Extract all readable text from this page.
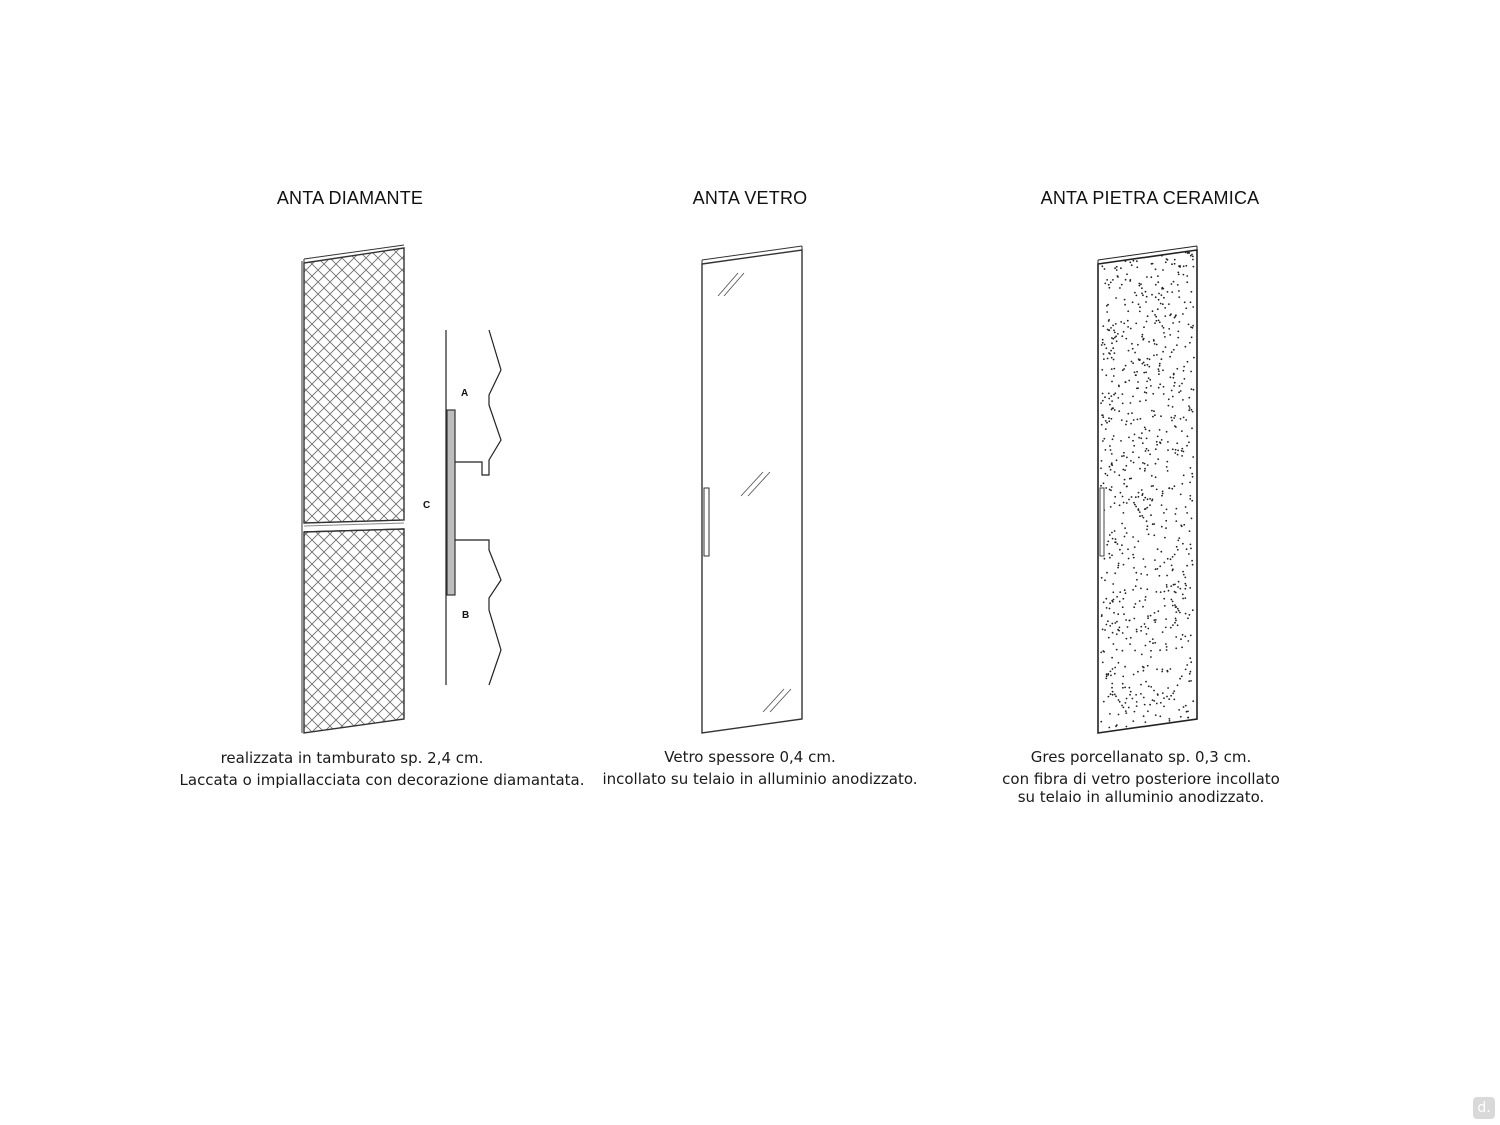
A
B
C
ANTA DIAMANTE	ANTA VETRO	ANTA PIETRA CERAMICA
realizzata in tamburato sp. 2,4 cm.
Laccata o impiallacciata con decorazione diamantata.
Vetro spessore 0,4 cm.
incollato su telaio in alluminio anodizzato.
Gres porcellanato sp. 0,3 cm.
con fibra di vetro posteriore incollato
su telaio in alluminio anodizzato.
d.
